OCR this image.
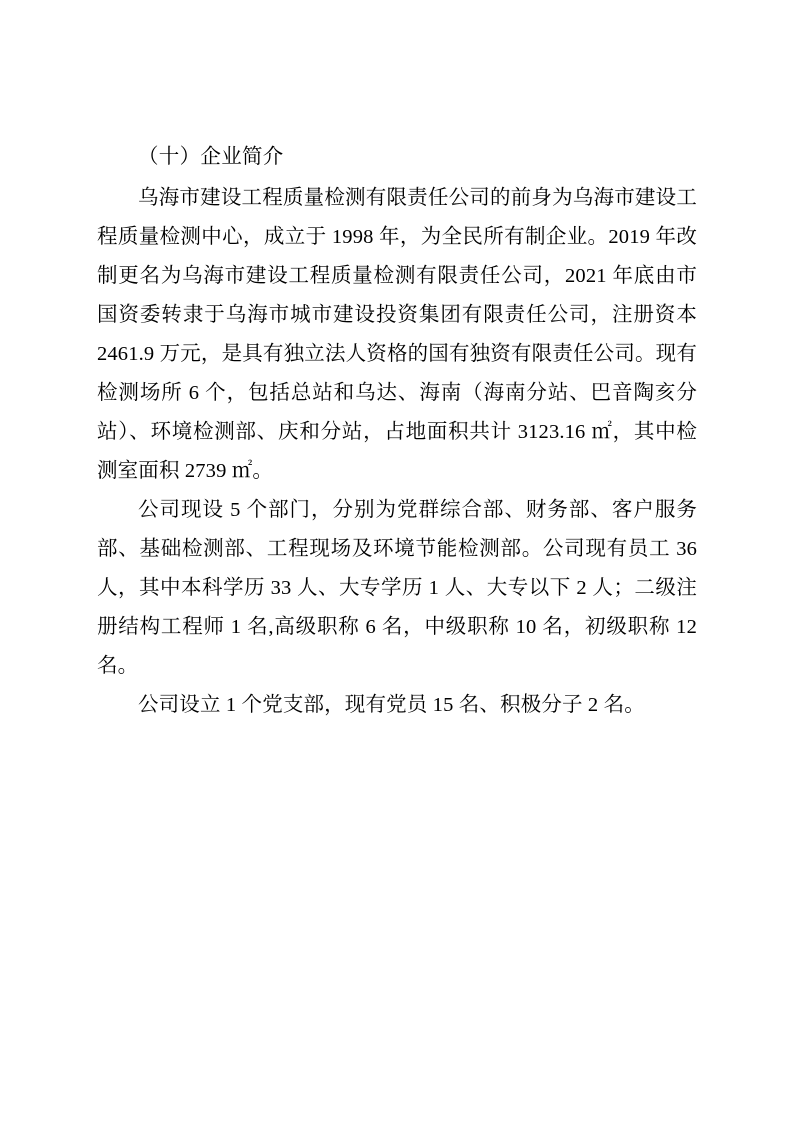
（十）企业简介

乌海市建设工程质量检测有限责任公司的前身为乌海市建设工程质量检测中心，成立于 1998 年，为全民所有制企业。2019 年改制更名为乌海市建设工程质量检测有限责任公司，2021 年底由市国资委转隶于乌海市城市建设投资集团有限责任公司，注册资本 2461.9 万元，是具有独立法人资格的国有独资有限责任公司。现有检测场所 6 个，包括总站和乌达、海南（海南分站、巴音陶亥分站）、环境检测部、庆和分站，占地面积共计 3123.16 ㎡，其中检测室面积 2739 ㎡。

公司现设 5 个部门，分别为党群综合部、财务部、客户服务部、基础检测部、工程现场及环境节能检测部。公司现有员工 36 人，其中本科学历 33 人、大专学历 1 人、大专以下 2 人；二级注册结构工程师 1 名,高级职称 6 名，中级职称 10 名，初级职称 12 名。

公司设立 1 个党支部，现有党员 15 名、积极分子 2 名。
